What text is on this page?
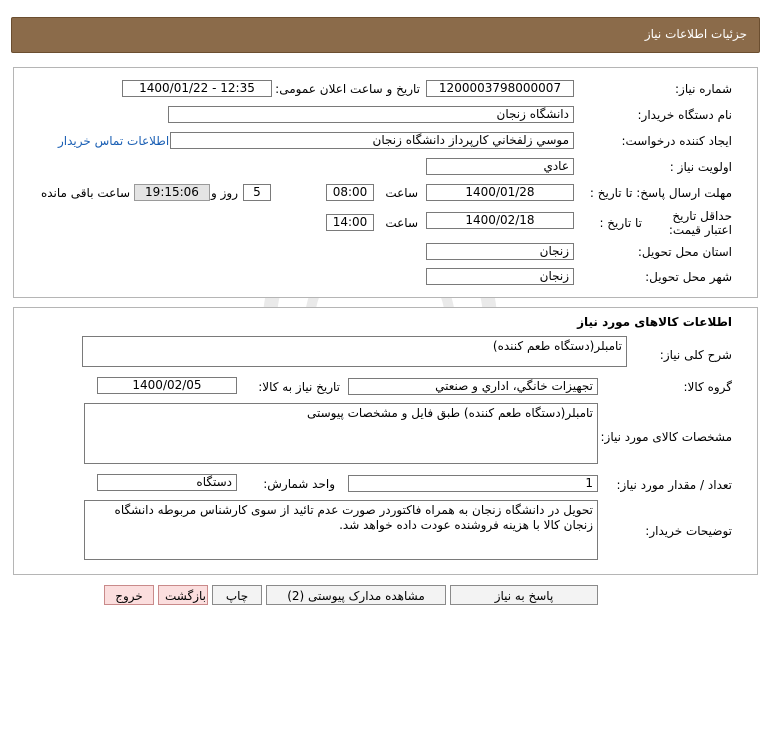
جزئیات اطلاعات نیاز
شماره نیاز:
1200003798000007
تاریخ و ساعت اعلان عمومی:
1400/01/22 - 12:35
نام دستگاه خریدار:
دانشگاه زنجان
ایجاد کننده درخواست:
موسي زلفخاني کارپرداز دانشگاه زنجان
اطلاعات تماس خریدار
اولویت نیاز :
عادي
مهلت ارسال پاسخ: تا تاریخ :
1400/01/28
ساعت
08:00
5
روز و
19:15:06
ساعت باقی مانده
حداقل تاریخ اعتبار قیمت:
تا تاریخ :
1400/02/18
ساعت
14:00
استان محل تحویل:
زنجان
شهر محل تحویل:
زنجان
اطلاعات کالاهای مورد نیاز
شرح کلی نیاز:
تامبلر(دستگاه طعم کننده)
گروه کالا:
تجهیزات خانگي، اداري و صنعتي
تاریخ نیاز به کالا:
1400/02/05
مشخصات کالای مورد نیاز:
تامبلر(دستگاه طعم کننده) طبق فایل و مشخصات پیوستی
تعداد / مقدار مورد نیاز:
1
واحد شمارش:
دستگاه
توضیحات خریدار:
تحویل در دانشگاه زنجان به همراه فاکتوردر صورت عدم تائید از سوی کارشناس مربوطه دانشگاه زنجان کالا با هزینه فروشنده عودت داده خواهد شد.
پاسخ به نیاز
مشاهده مدارک پیوستی (2)
چاپ
بازگشت
خروج
